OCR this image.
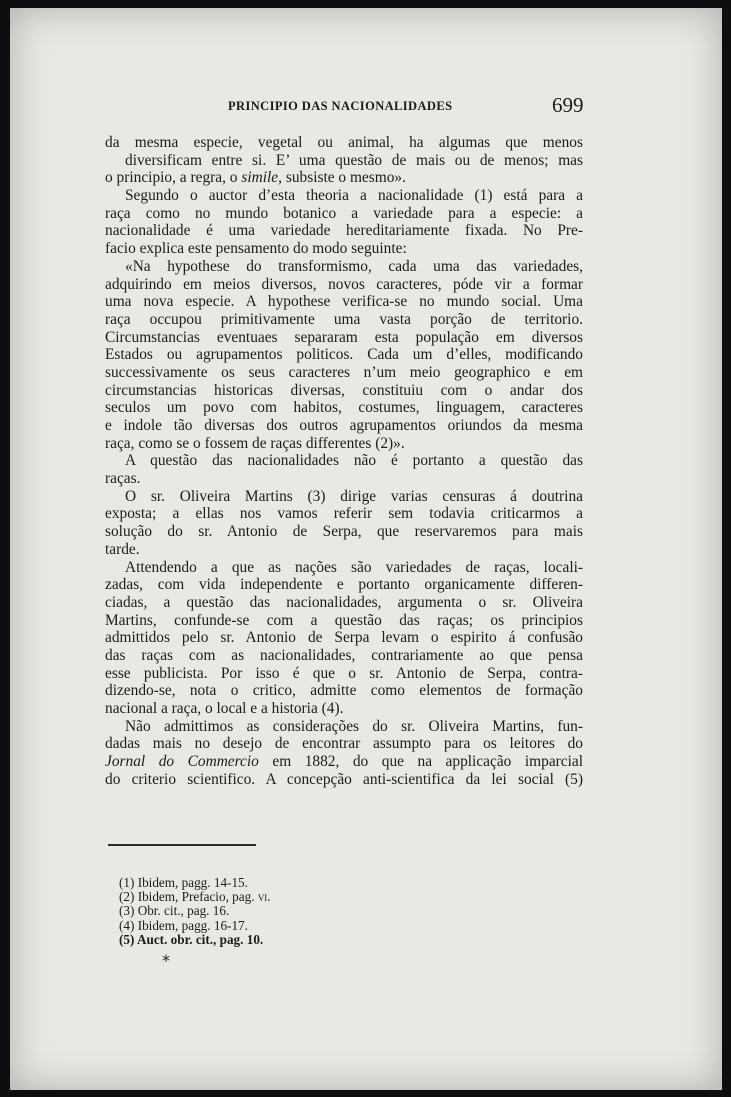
PRINCIPIO DAS NACIONALIDADES	699
da mesma especie, vegetal ou animal, ha algumas que menos
diversificam entre si. E’ uma questão de mais ou de menos; mas
o principio, a regra, o simile, subsiste o mesmo».
Segundo o auctor d’esta theoria a nacionalidade (1) está para a
raça como no mundo botanico a variedade para a especie: a
nacionalidade é uma variedade hereditariamente fixada. No Pre-
facio explica este pensamento do modo seguinte:
«Na hypothese do transformismo, cada uma das variedades,
adquirindo em meios diversos, novos caracteres, póde vir a formar
uma nova especie. A hypothese verifica-se no mundo social. Uma
raça occupou primitivamente uma vasta porção de territorio.
Circumstancias eventuaes separaram esta população em diversos
Estados ou agrupamentos politicos. Cada um d’elles, modificando
successivamente os seus caracteres n’um meio geographico e em
circumstancias historicas diversas, constituiu com o andar dos
seculos um povo com habitos, costumes, linguagem, caracteres
e indole tão diversas dos outros agrupamentos oriundos da mesma
raça, como se o fossem de raças differentes (2)».
A questão das nacionalidades não é portanto a questão das
raças.
O sr. Oliveira Martins (3) dirige varias censuras á doutrina
exposta; a ellas nos vamos referir sem todavia criticarmos a
solução do sr. Antonio de Serpa, que reservaremos para mais
tarde.
Attendendo a que as nações são variedades de raças, locali-
zadas, com vida independente e portanto organicamente differen-
ciadas, a questão das nacionalidades, argumenta o sr. Oliveira
Martins, confunde-se com a questão das raças; os principios
admittidos pelo sr. Antonio de Serpa levam o espirito á confusão
das raças com as nacionalidades, contrariamente ao que pensa
esse publicista. Por isso é que o sr. Antonio de Serpa, contra-
dizendo-se, nota o critico, admitte como elementos de formação
nacional a raça, o local e a historia (4).
Não admittimos as considerações do sr. Oliveira Martins, fun-
dadas mais no desejo de encontrar assumpto para os leitores do
Jornal do Commercio em 1882, do que na applicação imparcial
do criterio scientifico. A concepção anti-scientifica da lei social (5)
(1) Ibidem, pagg. 14-15.
(2) Ibidem, Prefacio, pag. vi.
(3) Obr. cit., pag. 16.
(4) Ibidem, pagg. 16-17.
(5) Auct. obr. cit., pag. 10.
*
